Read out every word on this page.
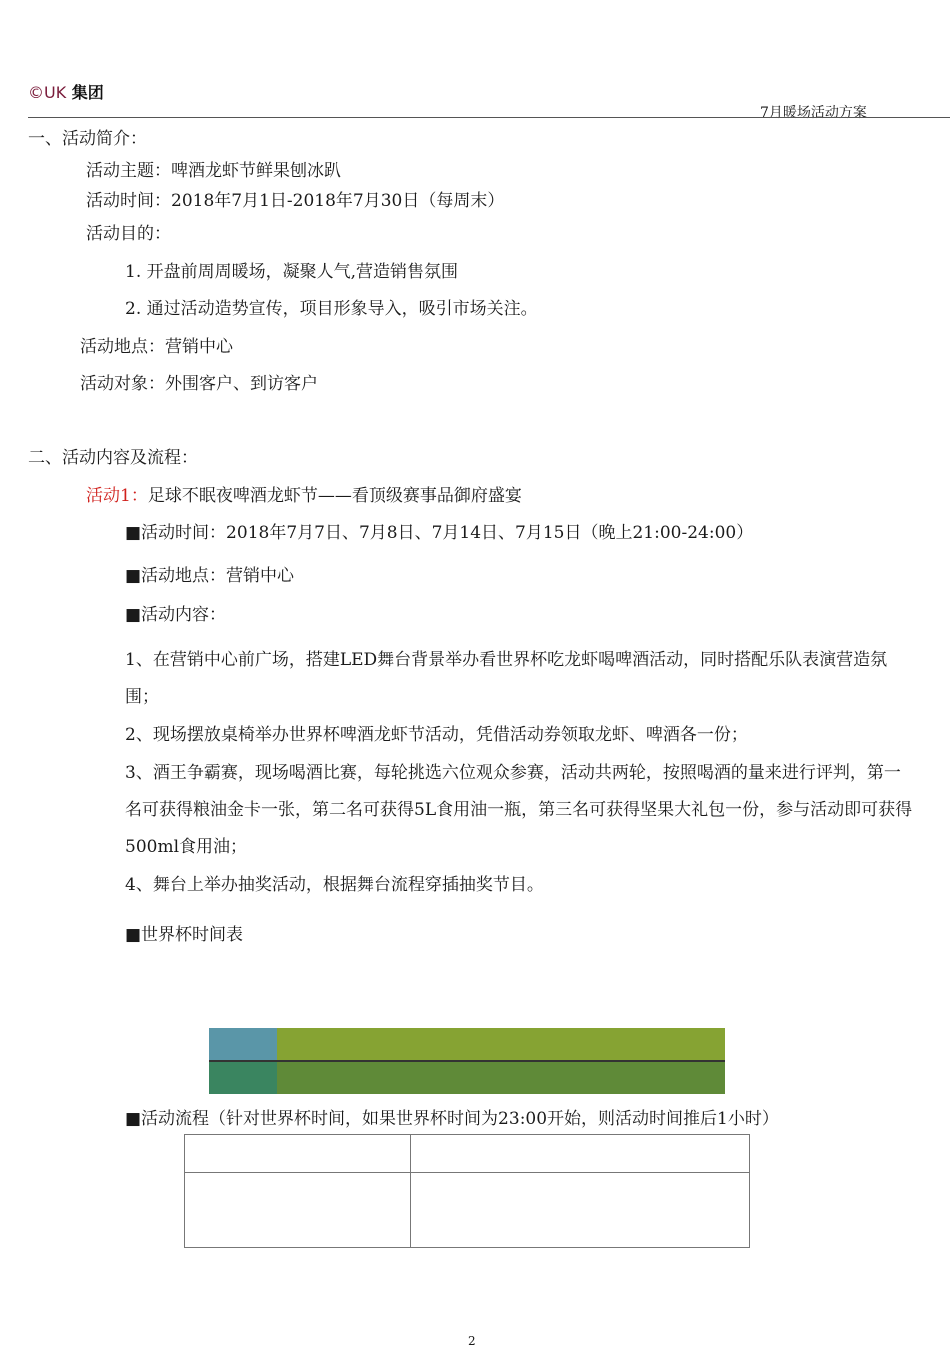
©UK 集团
7月暖场活动方案
一、活动简介：
活动主题：啤酒龙虾节鲜果刨冰趴
活动时间：2018年7月1日-2018年7月30日（每周末）
活动目的：
1. 开盘前周周暖场，凝聚人气,营造销售氛围
2. 通过活动造势宣传，项目形象导入，吸引市场关注。
活动地点：营销中心
活动对象：外围客户、到访客户
二、活动内容及流程：
活动1：足球不眠夜啤酒龙虾节——看顶级赛事品御府盛宴
■活动时间：2018年7月7日、7月8日、7月14日、7月15日（晚上21:00-24:00）
■活动地点：营销中心
■活动内容：
1、在营销中心前广场，搭建LED舞台背景举办看世界杯吃龙虾喝啤酒活动，同时搭配乐队表演营造氛围；
2、现场摆放桌椅举办世界杯啤酒龙虾节活动，凭借活动券领取龙虾、啤酒各一份；
3、酒王争霸赛，现场喝酒比赛，每轮挑选六位观众参赛，活动共两轮，按照喝酒的量来进行评判，第一名可获得粮油金卡一张，第二名可获得5L食用油一瓶，第三名可获得坚果大礼包一份，参与活动即可获得500ml食用油；
4、舞台上举办抽奖活动，根据舞台流程穿插抽奖节目。
■世界杯时间表
■活动流程（针对世界杯时间，如果世界杯时间为23:00开始，则活动时间推后1小时）
2
